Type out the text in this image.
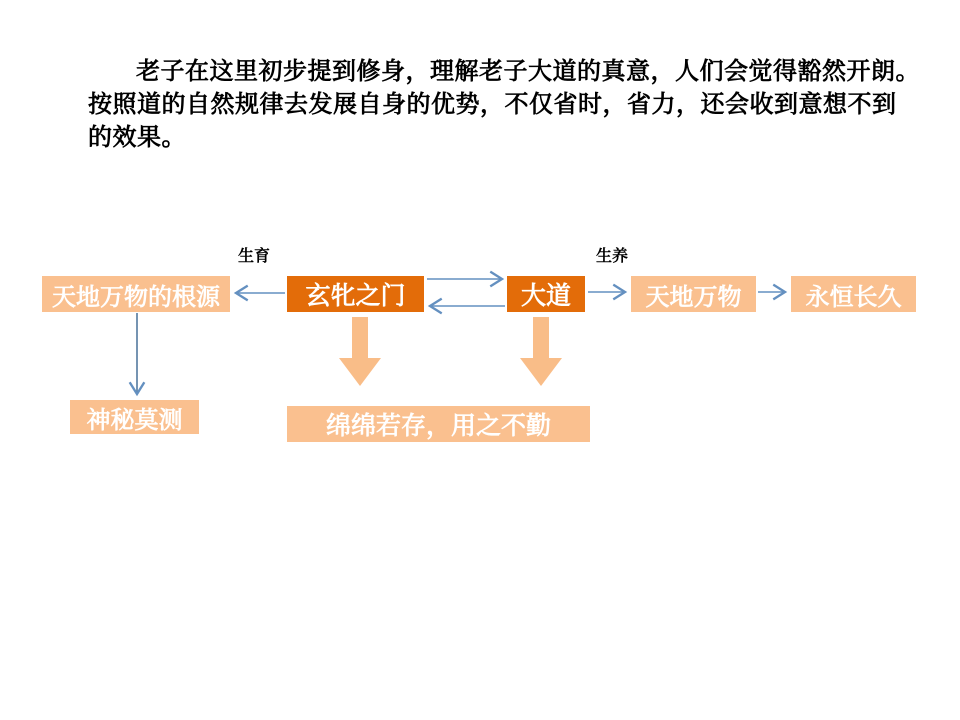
老子在这里初步提到修身，理解老子大道的真意，人们会觉得豁然开朗。
按照道的自然规律去发展自身的优势，不仅省时，省力，还会收到意想不到
的效果。
生育	生养
天地万物的根源	玄牝之门	大道	天地万物	永恒长久
神秘莫测	绵绵若存，用之不勤
